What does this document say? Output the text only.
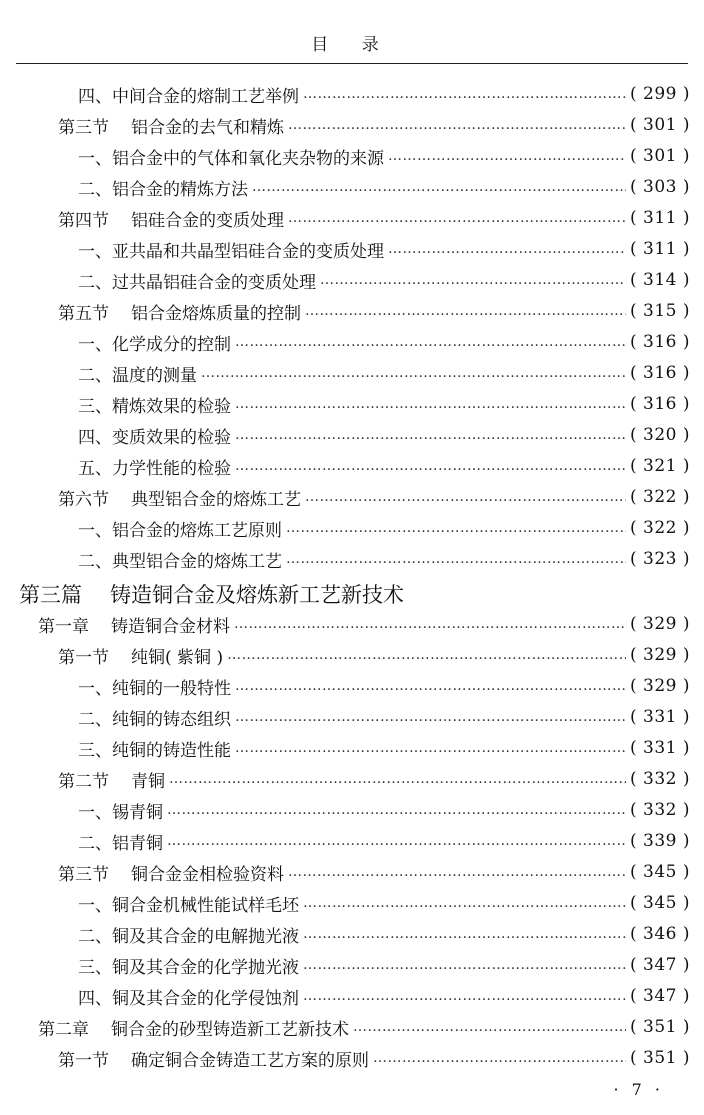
目 录
四、中间合金的熔制工艺举例 ……………………………………………………………………………………………………………………………………………………………………………………………………	( 299 )
第三节 铝合金的去气和精炼 ……………………………………………………………………………………………………………………………………………………………………………………………………	( 301 )
一、铝合金中的气体和氧化夹杂物的来源 ……………………………………………………………………………………………………………………………………………………………………………………………………	( 301 )
二、铝合金的精炼方法 ……………………………………………………………………………………………………………………………………………………………………………………………………	( 303 )
第四节 铝硅合金的变质处理 ……………………………………………………………………………………………………………………………………………………………………………………………………	( 311 )
一、亚共晶和共晶型铝硅合金的变质处理 ……………………………………………………………………………………………………………………………………………………………………………………………………	( 311 )
二、过共晶铝硅合金的变质处理 ……………………………………………………………………………………………………………………………………………………………………………………………………	( 314 )
第五节 铝合金熔炼质量的控制 ……………………………………………………………………………………………………………………………………………………………………………………………………	( 315 )
一、化学成分的控制 ……………………………………………………………………………………………………………………………………………………………………………………………………	( 316 )
二、温度的测量 ……………………………………………………………………………………………………………………………………………………………………………………………………	( 316 )
三、精炼效果的检验 ……………………………………………………………………………………………………………………………………………………………………………………………………	( 316 )
四、变质效果的检验 ……………………………………………………………………………………………………………………………………………………………………………………………………	( 320 )
五、力学性能的检验 ……………………………………………………………………………………………………………………………………………………………………………………………………	( 321 )
第六节 典型铝合金的熔炼工艺 ……………………………………………………………………………………………………………………………………………………………………………………………………	( 322 )
一、铝合金的熔炼工艺原则 ……………………………………………………………………………………………………………………………………………………………………………………………………	( 322 )
二、典型铝合金的熔炼工艺 ……………………………………………………………………………………………………………………………………………………………………………………………………	( 323 )
第三篇 铸造铜合金及熔炼新工艺新技术
第一章 铸造铜合金材料 ……………………………………………………………………………………………………………………………………………………………………………………………………	( 329 )
第一节 纯铜( 紫铜 ) ……………………………………………………………………………………………………………………………………………………………………………………………………	( 329 )
一、纯铜的一般特性 ……………………………………………………………………………………………………………………………………………………………………………………………………	( 329 )
二、纯铜的铸态组织 ……………………………………………………………………………………………………………………………………………………………………………………………………	( 331 )
三、纯铜的铸造性能 ……………………………………………………………………………………………………………………………………………………………………………………………………	( 331 )
第二节 青铜 ……………………………………………………………………………………………………………………………………………………………………………………………………	( 332 )
一、锡青铜 ……………………………………………………………………………………………………………………………………………………………………………………………………	( 332 )
二、铝青铜 ……………………………………………………………………………………………………………………………………………………………………………………………………	( 339 )
第三节 铜合金金相检验资料 ……………………………………………………………………………………………………………………………………………………………………………………………………	( 345 )
一、铜合金机械性能试样毛坯 ……………………………………………………………………………………………………………………………………………………………………………………………………	( 345 )
二、铜及其合金的电解抛光液 ……………………………………………………………………………………………………………………………………………………………………………………………………	( 346 )
三、铜及其合金的化学抛光液 ……………………………………………………………………………………………………………………………………………………………………………………………………	( 347 )
四、铜及其合金的化学侵蚀剂 ……………………………………………………………………………………………………………………………………………………………………………………………………	( 347 )
第二章 铜合金的砂型铸造新工艺新技术 ……………………………………………………………………………………………………………………………………………………………………………………………………	( 351 )
第一节 确定铜合金铸造工艺方案的原则 ……………………………………………………………………………………………………………………………………………………………………………………………………	( 351 )
· 7 ·
